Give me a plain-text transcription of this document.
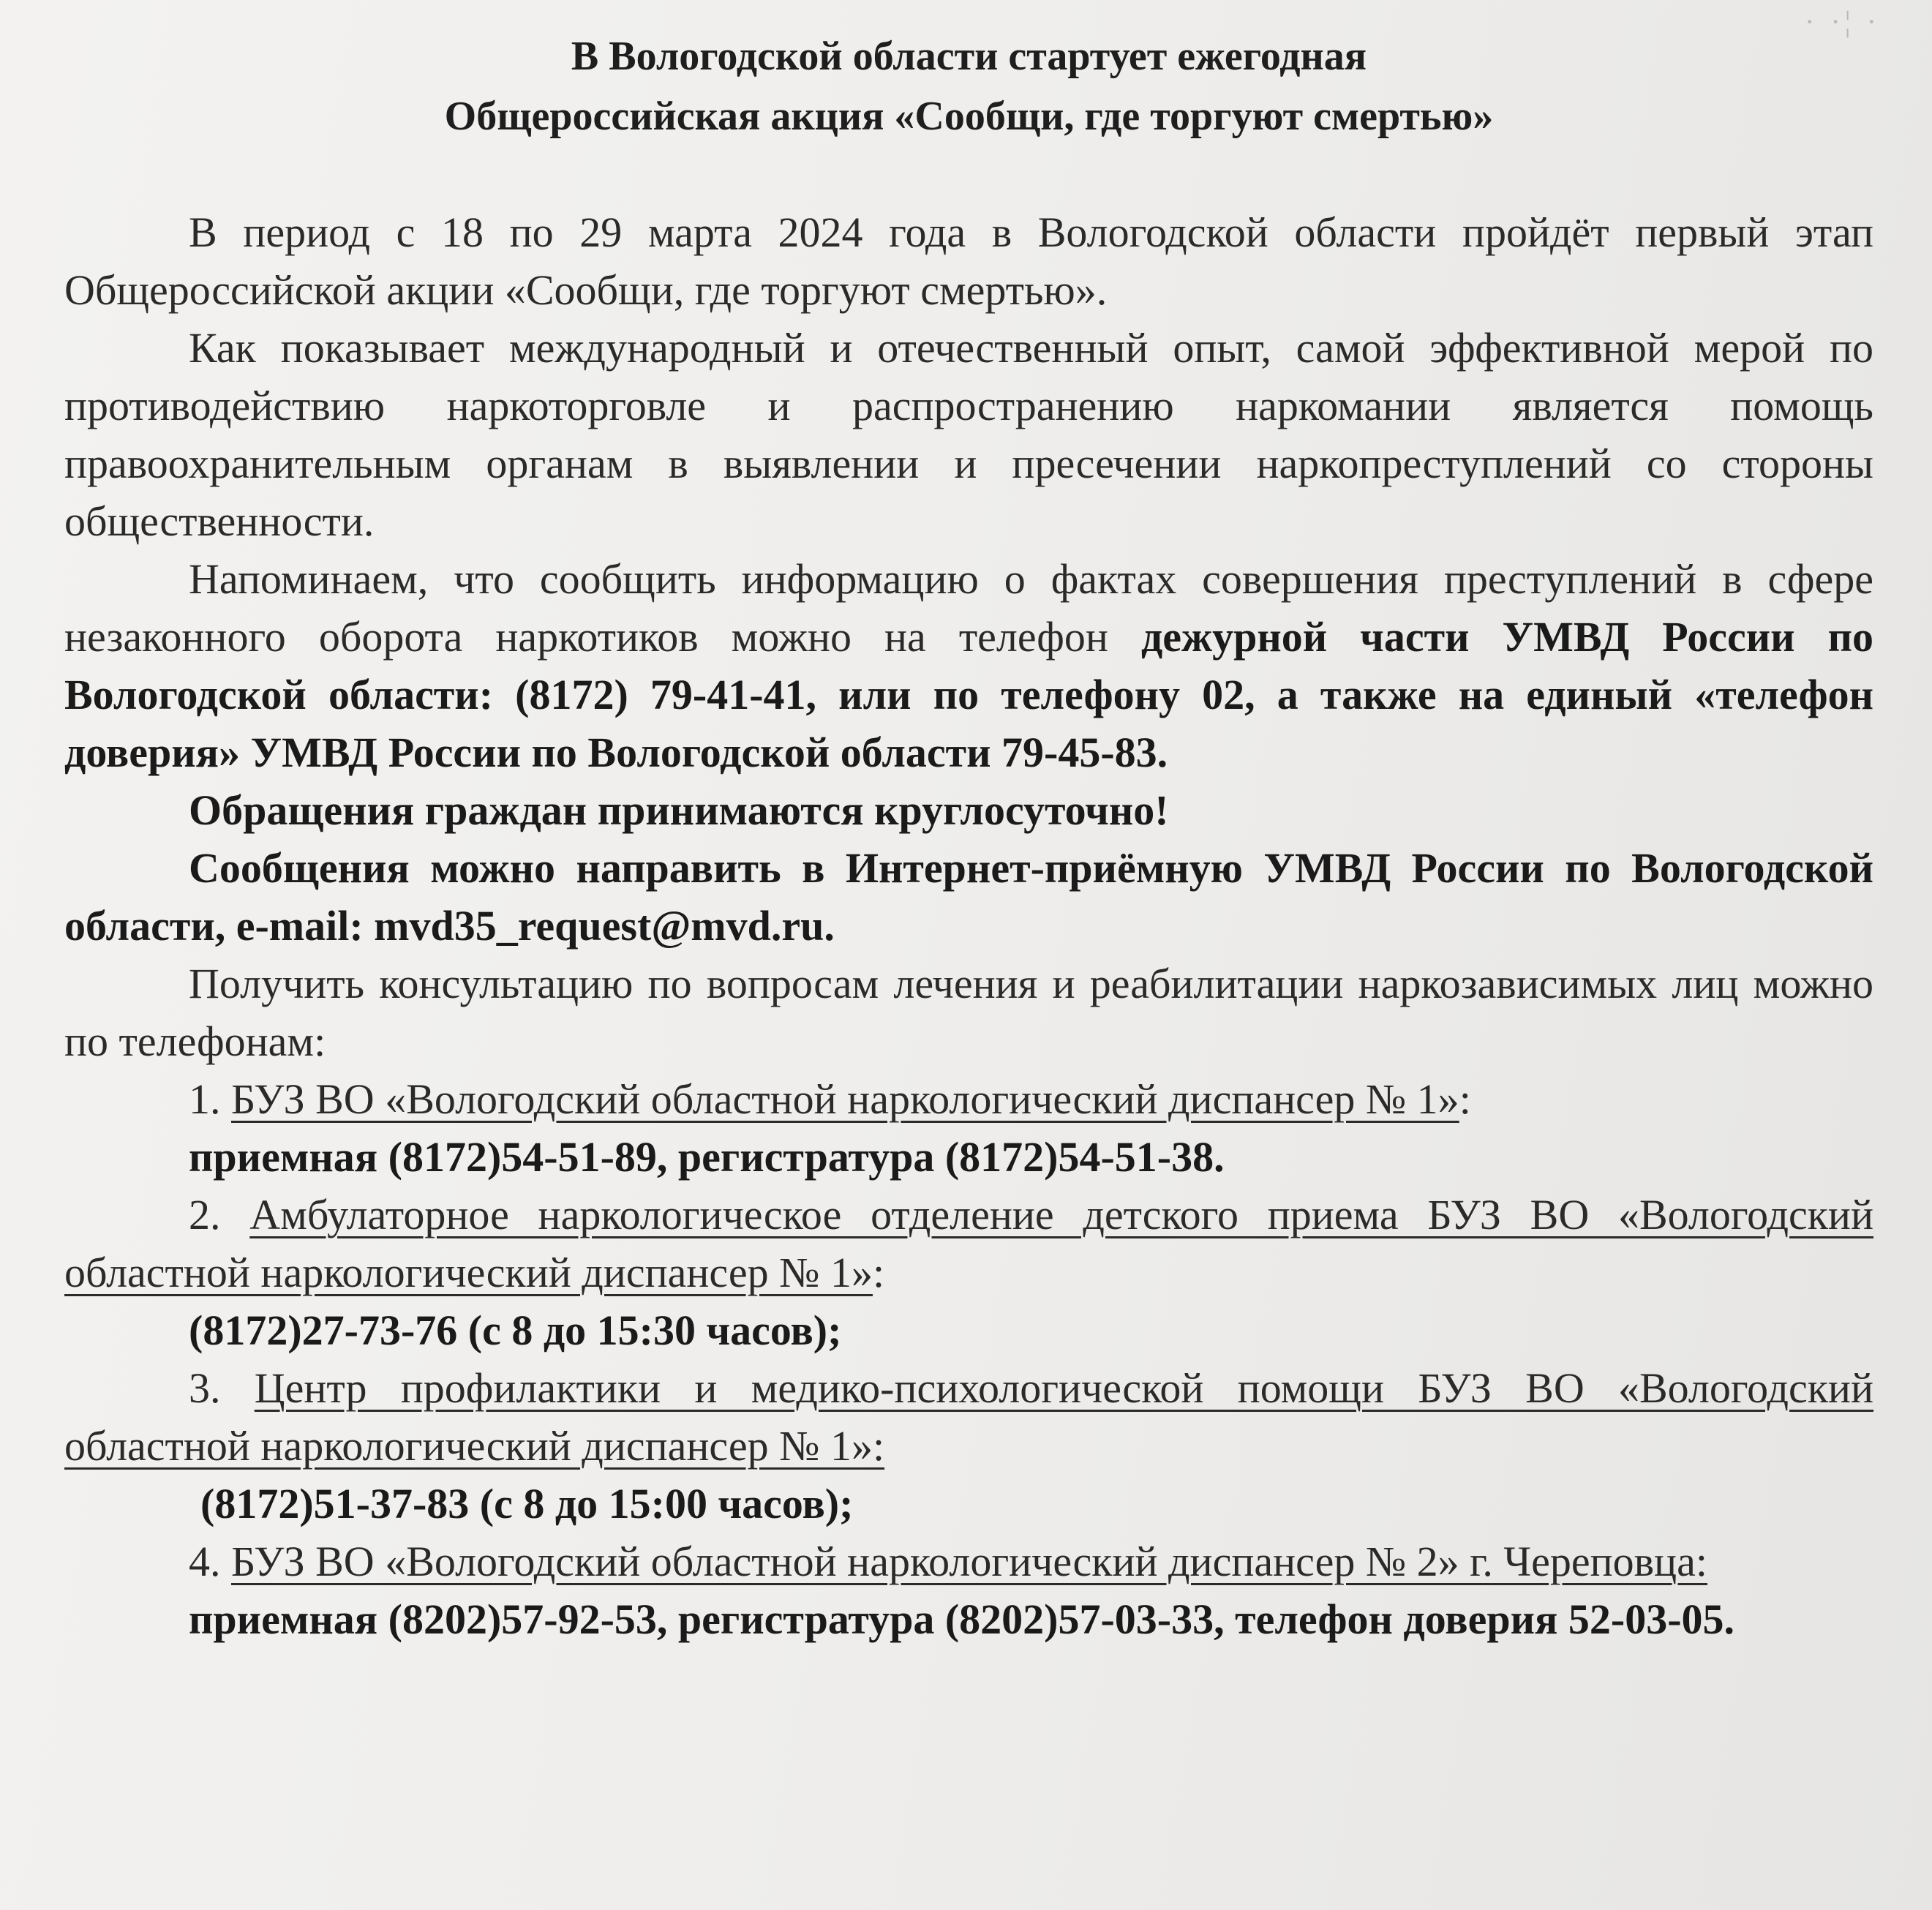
· ·¦ ·
В Вологодской области стартует ежегодная
Общероссийская акция «Сообщи, где торгуют смертью»

В период с 18 по 29 марта 2024 года в Вологодской области пройдёт первый этап Общероссийской акции «Сообщи, где торгуют смертью».

Как показывает международный и отечественный опыт, самой эффективной мерой по противодействию наркоторговле и распространению наркомании является помощь правоохранительным органам в выявлении и пресечении наркопреступлений со стороны общественности.

Напоминаем, что сообщить информацию о фактах совершения преступлений в сфере незаконного оборота наркотиков можно на телефон дежурной части УМВД России по Вологодской области: (8172) 79-41-41, или по телефону 02, а также на единый «телефон доверия» УМВД России по Вологодской области 79-45-83.

Обращения граждан принимаются круглосуточно!

Сообщения можно направить в Интернет-приёмную УМВД России по Вологодской области, e-mail: mvd35_request@mvd.ru.

Получить консультацию по вопросам лечения и реабилитации наркозависимых лиц можно по телефонам:

1. БУЗ ВО «Вологодский областной наркологический диспансер № 1»:

приемная (8172)54-51-89, регистратура (8172)54-51-38.

2. Амбулаторное наркологическое отделение детского приема БУЗ ВО «Вологодский областной наркологический диспансер № 1»:

(8172)27-73-76 (с 8 до 15:30 часов);

3. Центр профилактики и медико-психологической помощи БУЗ ВО «Вологодский областной наркологический диспансер № 1»:

(8172)51-37-83 (с 8 до 15:00 часов);

4. БУЗ ВО «Вологодский областной наркологический диспансер № 2» г. Череповца:

приемная (8202)57-92-53, регистратура (8202)57-03-33, телефон доверия 52-03-05.
